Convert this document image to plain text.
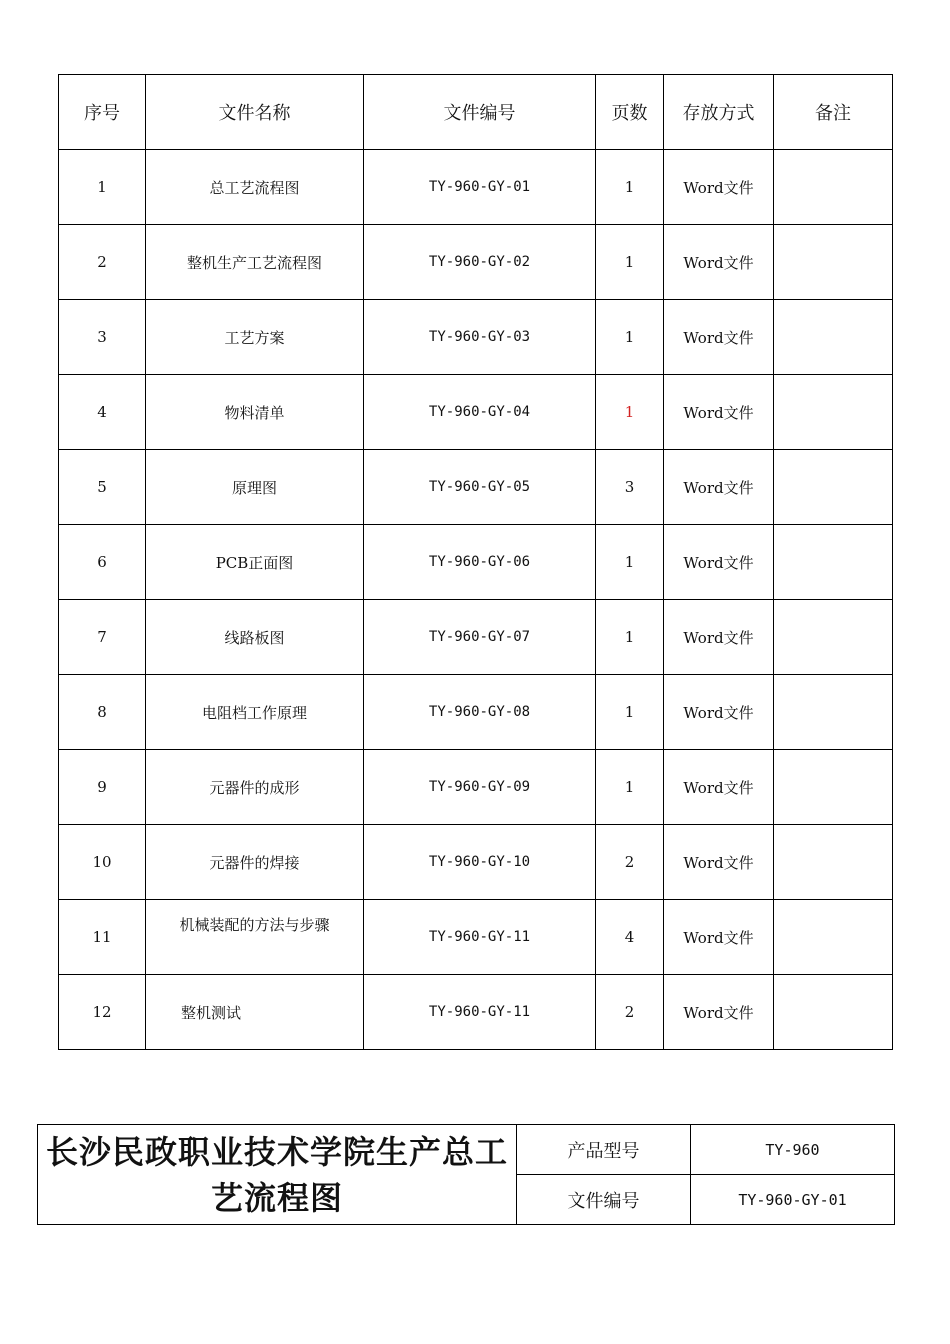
序号	文件名称	文件编号	页数	存放方式	备注
1	总工艺流程图	TY-960-GY-01	1	Word文件	
2	整机生产工艺流程图	TY-960-GY-02	1	Word文件	
3	工艺方案	TY-960-GY-03	1	Word文件	
4	物料清单	TY-960-GY-04	1	Word文件	
5	原理图	TY-960-GY-05	3	Word文件	
6	PCB正面图	TY-960-GY-06	1	Word文件	
7	线路板图	TY-960-GY-07	1	Word文件	
8	电阻档工作原理	TY-960-GY-08	1	Word文件	
9	元器件的成形	TY-960-GY-09	1	Word文件	
10	元器件的焊接	TY-960-GY-10	2	Word文件	
11	机械装配的方法与步骤	TY-960-GY-11	4	Word文件	
12	整机测试	TY-960-GY-11	2	Word文件	
长沙民政职业技术学院生产总工艺流程图	产品型号	TY-960
	文件编号	TY-960-GY-01
